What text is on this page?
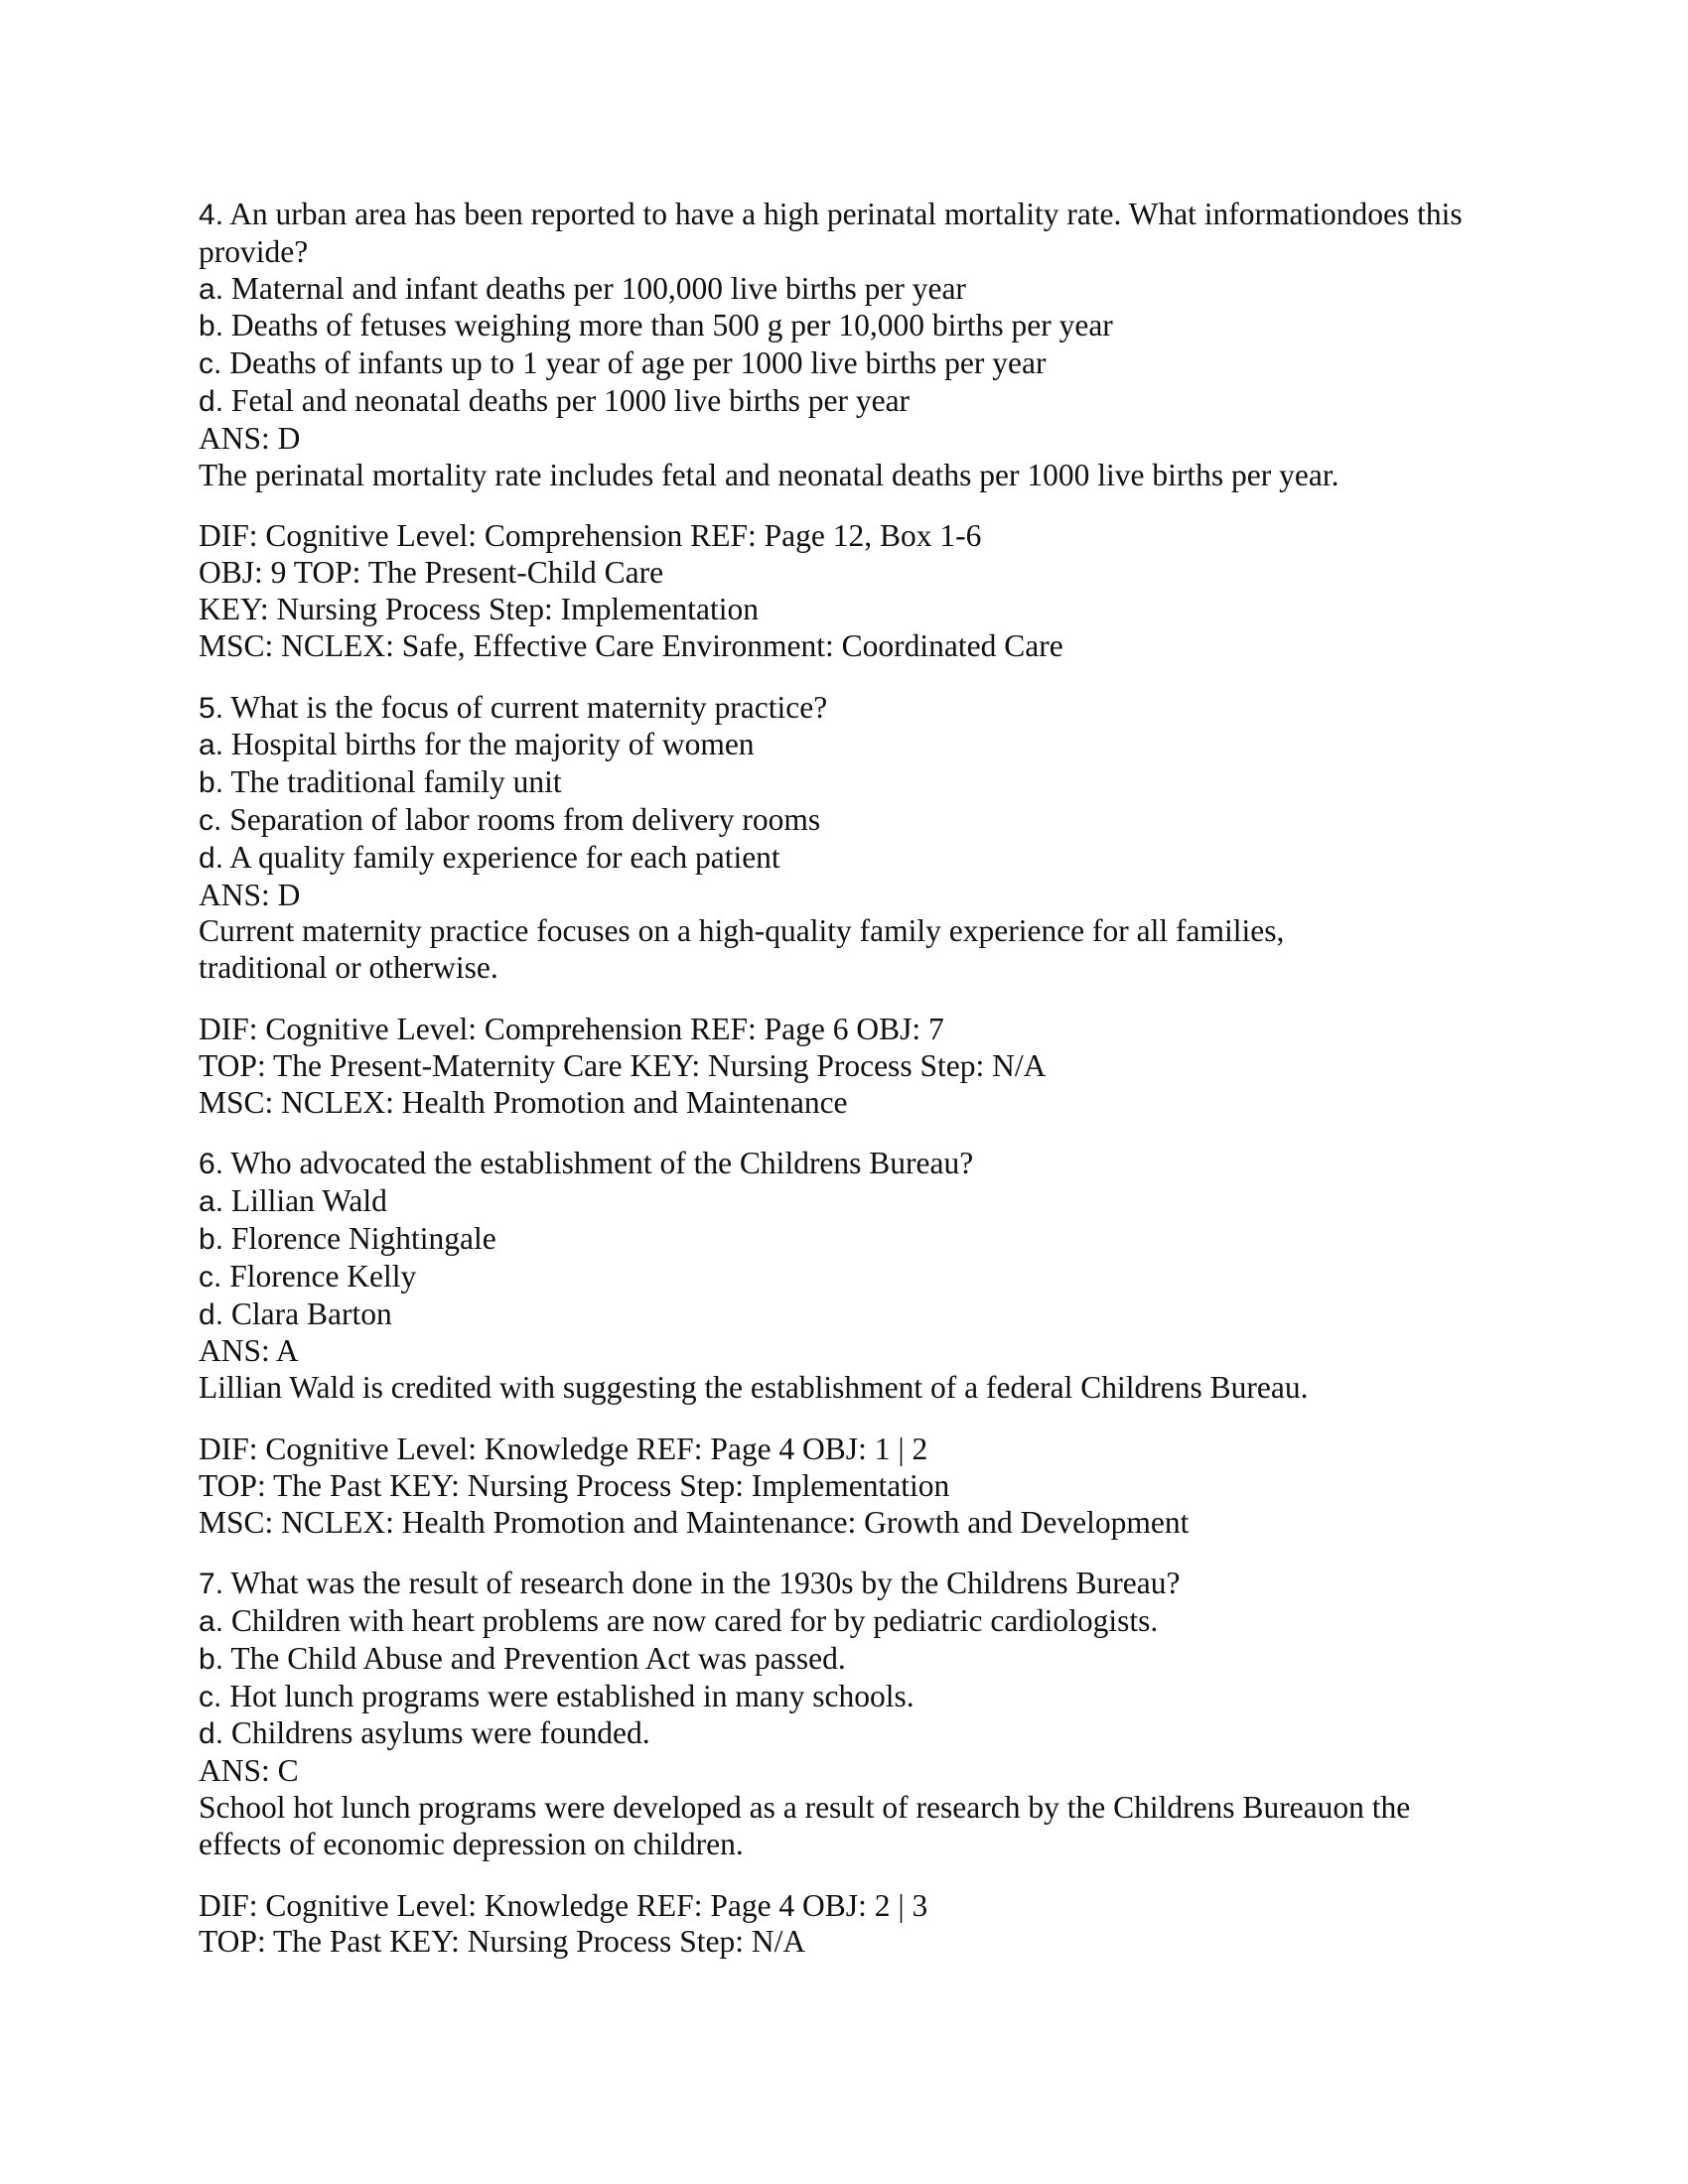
4. An urban area has been reported to have a high perinatal mortality rate. What informationdoes this provide?

a. Maternal and infant deaths per 100,000 live births per year

b. Deaths of fetuses weighing more than 500 g per 10,000 births per year

c. Deaths of infants up to 1 year of age per 1000 live births per year

d. Fetal and neonatal deaths per 1000 live births per year

ANS: D

The perinatal mortality rate includes fetal and neonatal deaths per 1000 live births per year.

DIF: Cognitive Level: Comprehension REF: Page 12, Box 1-6

OBJ: 9 TOP: The Present-Child Care

KEY: Nursing Process Step: Implementation

MSC: NCLEX: Safe, Effective Care Environment: Coordinated Care

5. What is the focus of current maternity practice?

a. Hospital births for the majority of women

b. The traditional family unit

c. Separation of labor rooms from delivery rooms

d. A quality family experience for each patient

ANS: D

Current maternity practice focuses on a high-quality family experience for all families, traditional or otherwise.

DIF: Cognitive Level: Comprehension REF: Page 6 OBJ: 7

TOP: The Present-Maternity Care KEY: Nursing Process Step: N/A

MSC: NCLEX: Health Promotion and Maintenance

6. Who advocated the establishment of the Childrens Bureau?

a. Lillian Wald

b. Florence Nightingale

c. Florence Kelly

d. Clara Barton

ANS: A

Lillian Wald is credited with suggesting the establishment of a federal Childrens Bureau.

DIF: Cognitive Level: Knowledge REF: Page 4 OBJ: 1 | 2

TOP: The Past KEY: Nursing Process Step: Implementation

MSC: NCLEX: Health Promotion and Maintenance: Growth and Development

7. What was the result of research done in the 1930s by the Childrens Bureau?

a. Children with heart problems are now cared for by pediatric cardiologists.

b. The Child Abuse and Prevention Act was passed.

c. Hot lunch programs were established in many schools.

d. Childrens asylums were founded.

ANS: C

School hot lunch programs were developed as a result of research by the Childrens Bureauon the effects of economic depression on children.

DIF: Cognitive Level: Knowledge REF: Page 4 OBJ: 2 | 3

TOP: The Past KEY: Nursing Process Step: N/A
